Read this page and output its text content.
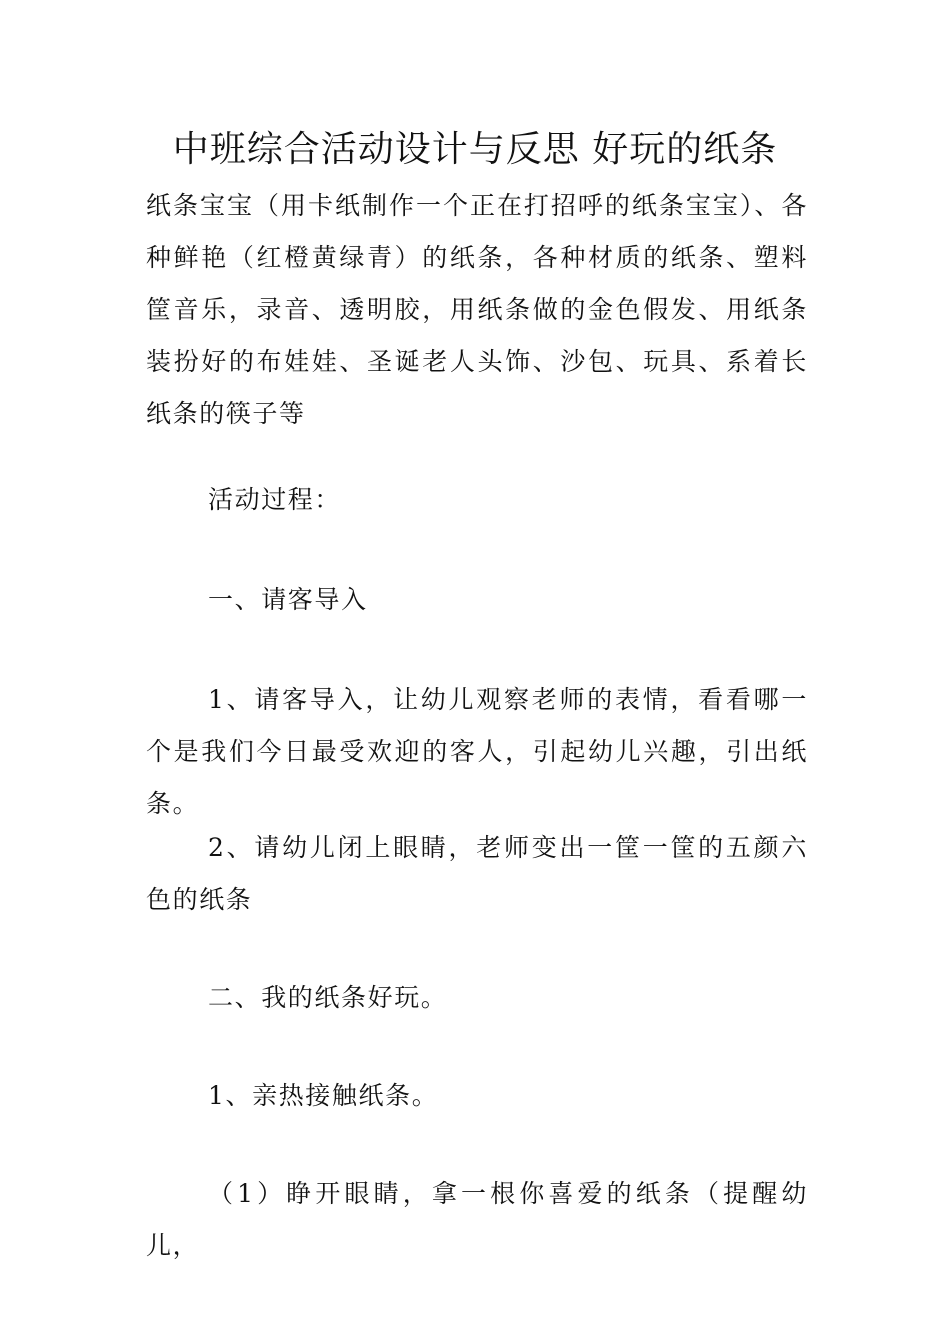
中班综合活动设计与反思 好玩的纸条

纸条宝宝（用卡纸制作一个正在打招呼的纸条宝宝）、各种鲜艳（红橙黄绿青）的纸条，各种材质的纸条、塑料筐音乐，录音、透明胶，用纸条做的金色假发、用纸条装扮好的布娃娃、圣诞老人头饰、沙包、玩具、系着长纸条的筷子等

活动过程：

一、请客导入

1、请客导入，让幼儿观察老师的表情，看看哪一个是我们今日最受欢迎的客人，引起幼儿兴趣，引出纸条。

2、请幼儿闭上眼睛，老师变出一筐一筐的五颜六色的纸条

二、我的纸条好玩。

1、亲热接触纸条。

（1）睁开眼睛，拿一根你喜爱的纸条（提醒幼儿，
